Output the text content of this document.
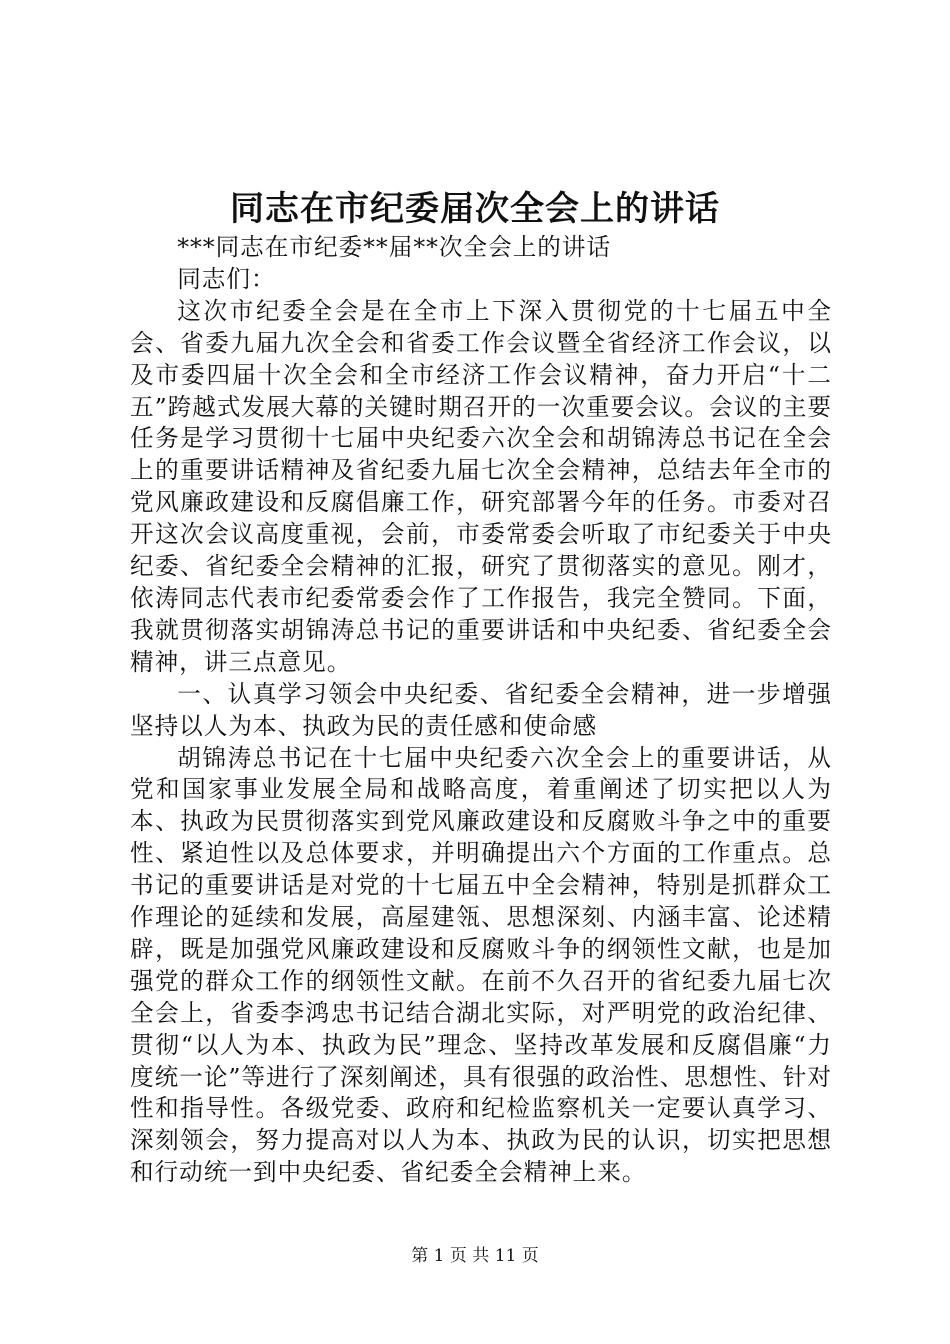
同志在市纪委届次全会上的讲话

***同志在市纪委**届**次全会上的讲话

同志们：

这次市纪委全会是在全市上下深入贯彻党的十七届五中全会、省委九届九次全会和省委工作会议暨全省经济工作会议，以及市委四届十次全会和全市经济工作会议精神，奋力开启“十二五”跨越式发展大幕的关键时期召开的一次重要会议。会议的主要任务是学习贯彻十七届中央纪委六次全会和胡锦涛总书记在全会上的重要讲话精神及省纪委九届七次全会精神，总结去年全市的党风廉政建设和反腐倡廉工作，研究部署今年的任务。市委对召开这次会议高度重视，会前，市委常委会听取了市纪委关于中央纪委、省纪委全会精神的汇报，研究了贯彻落实的意见。刚才，依涛同志代表市纪委常委会作了工作报告，我完全赞同。下面，我就贯彻落实胡锦涛总书记的重要讲话和中央纪委、省纪委全会精神，讲三点意见。

一、认真学习领会中央纪委、省纪委全会精神，进一步增强坚持以人为本、执政为民的责任感和使命感

胡锦涛总书记在十七届中央纪委六次全会上的重要讲话，从党和国家事业发展全局和战略高度，着重阐述了切实把以人为本、执政为民贯彻落实到党风廉政建设和反腐败斗争之中的重要性、紧迫性以及总体要求，并明确提出六个方面的工作重点。总书记的重要讲话是对党的十七届五中全会精神，特别是抓群众工作理论的延续和发展，高屋建瓴、思想深刻、内涵丰富、论述精辟，既是加强党风廉政建设和反腐败斗争的纲领性文献，也是加强党的群众工作的纲领性文献。在前不久召开的省纪委九届七次全会上，省委李鸿忠书记结合湖北实际，对严明党的政治纪律、贯彻“以人为本、执政为民”理念、坚持改革发展和反腐倡廉“力度统一论”等进行了深刻阐述，具有很强的政治性、思想性、针对性和指导性。各级党委、政府和纪检监察机关一定要认真学习、深刻领会，努力提高对以人为本、执政为民的认识，切实把思想和行动统一到中央纪委、省纪委全会精神上来。

第 1 页 共 11 页
